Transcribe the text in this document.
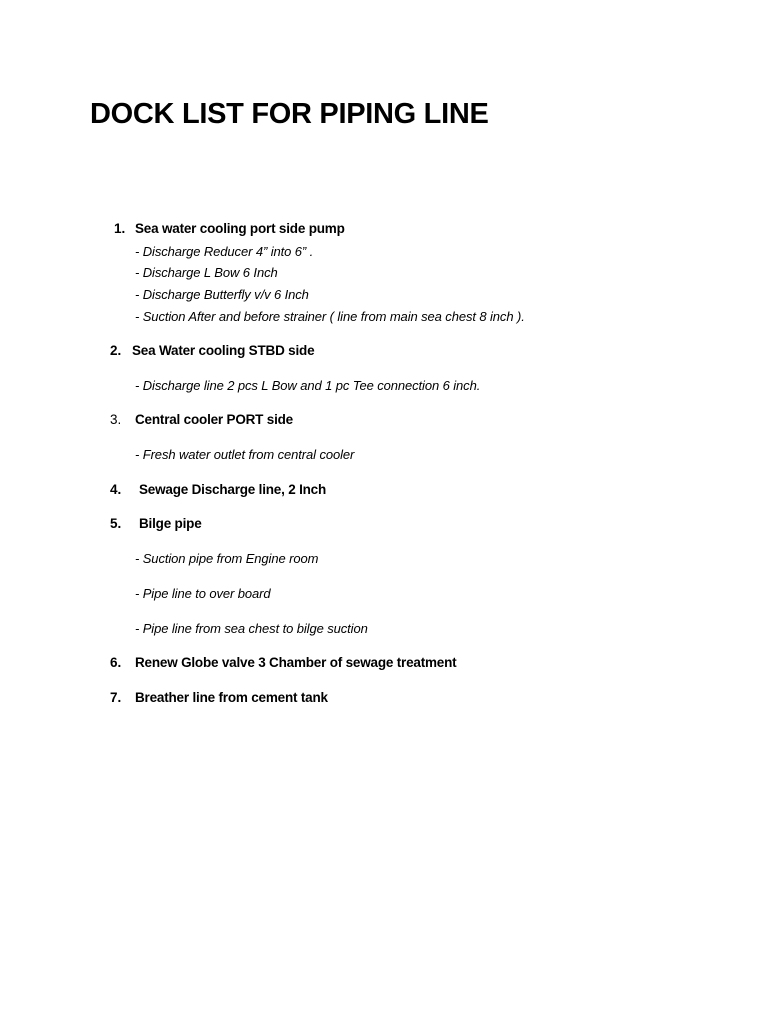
DOCK LIST FOR PIPING LINE
1. Sea water cooling port side pump
- Discharge Reducer 4” into 6” .
- Discharge L Bow 6 Inch
- Discharge Butterfly v/v 6 Inch
- Suction After and before strainer ( line from main sea chest 8 inch ).
2. Sea Water cooling STBD side
- Discharge line 2 pcs L Bow and 1 pc Tee connection 6 inch.
3. Central cooler PORT side
- Fresh water outlet from central cooler
4. Sewage Discharge line, 2 Inch
5. Bilge pipe
- Suction pipe from Engine room
- Pipe line to over board
- Pipe line from sea chest to bilge suction
6. Renew Globe valve 3 Chamber of sewage treatment
7. Breather line from cement tank
